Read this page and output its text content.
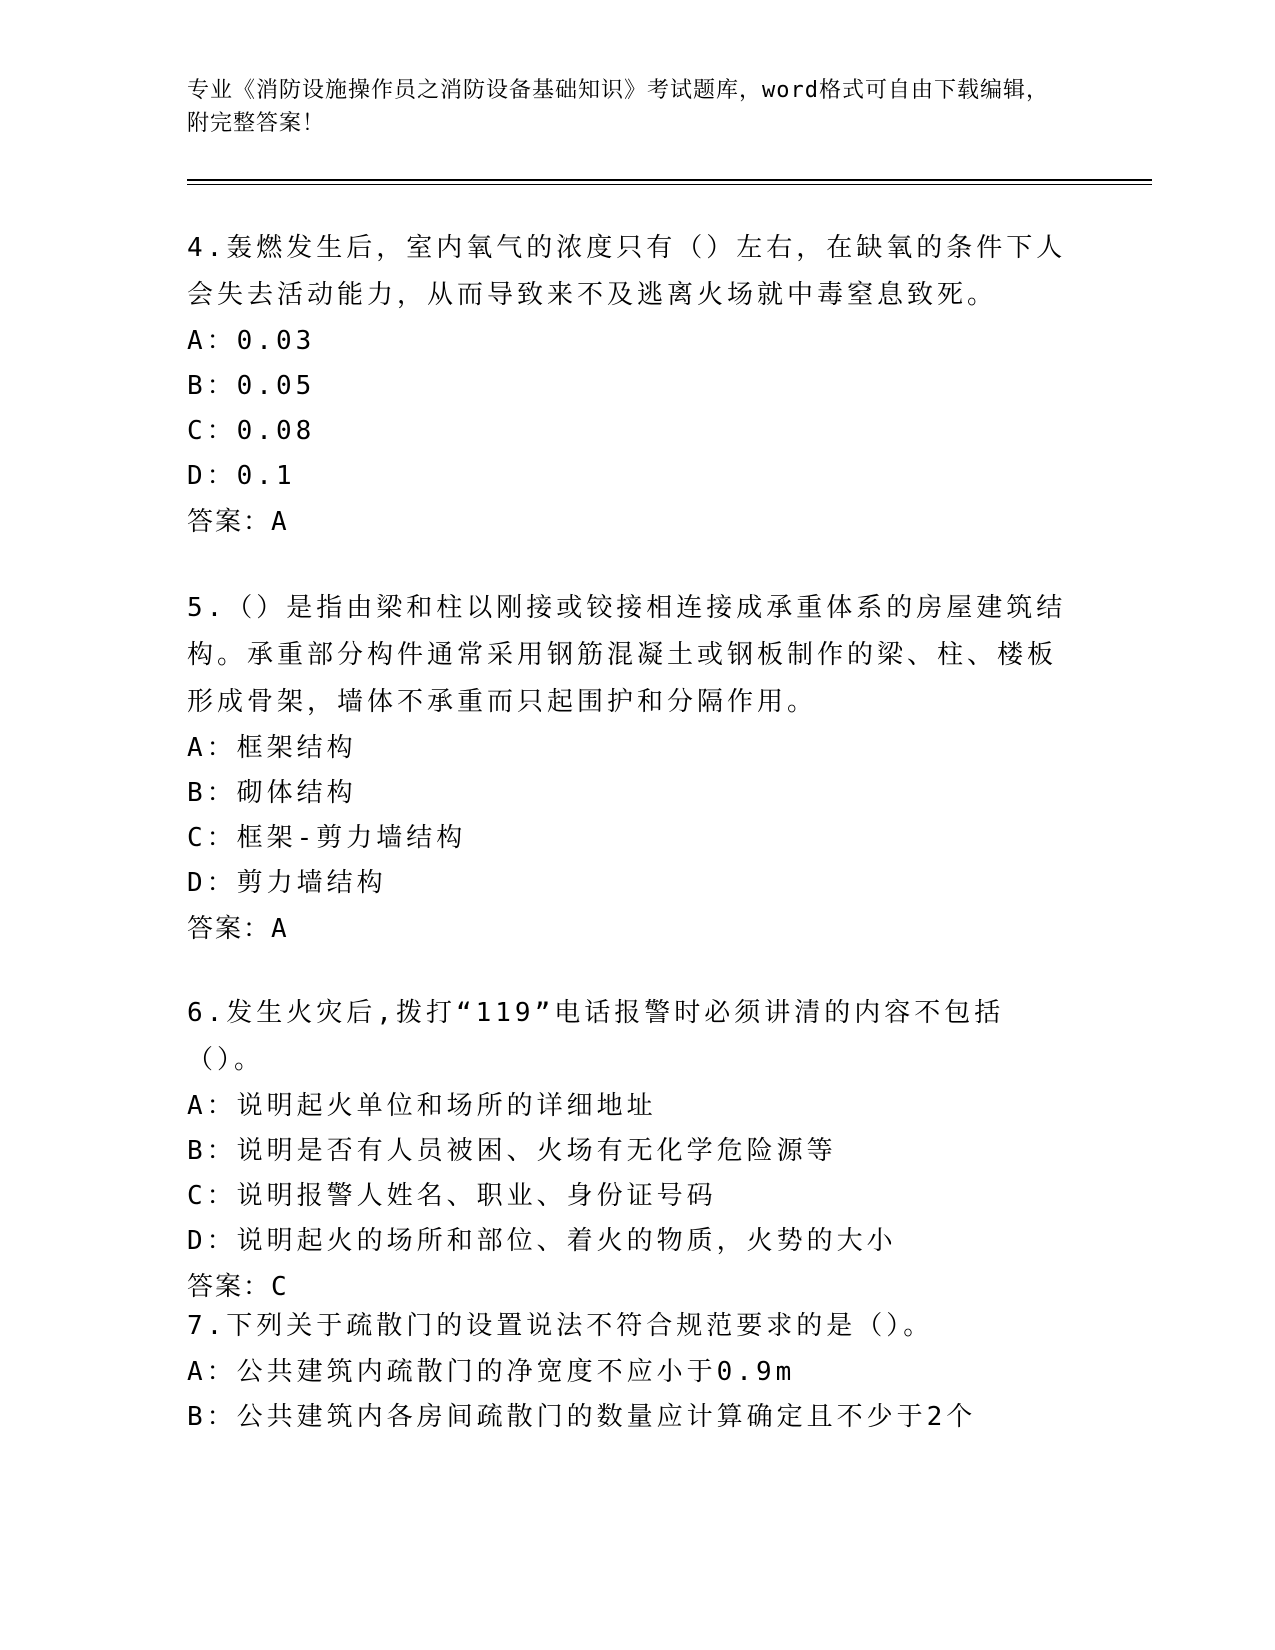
专业《消防设施操作员之消防设备基础知识》考试题库，word格式可自由下载编辑，附完整答案！
4.轰燃发生后，室内氧气的浓度只有（）左右，在缺氧的条件下人会失去活动能力，从而导致来不及逃离火场就中毒窒息致死。
A：0.03
B：0.05
C：0.08
D：0.1
答案：A
5.（）是指由梁和柱以刚接或铰接相连接成承重体系的房屋建筑结构。承重部分构件通常采用钢筋混凝土或钢板制作的梁、柱、楼板形成骨架，墙体不承重而只起围护和分隔作用。
A：框架结构
B：砌体结构
C：框架-剪力墙结构
D：剪力墙结构
答案：A
6.发生火灾后,拨打“119”电话报警时必须讲清的内容不包括（）。
A：说明起火单位和场所的详细地址
B：说明是否有人员被困、火场有无化学危险源等
C：说明报警人姓名、职业、身份证号码
D：说明起火的场所和部位、着火的物质，火势的大小
答案：C
7.下列关于疏散门的设置说法不符合规范要求的是（）。
A：公共建筑内疏散门的净宽度不应小于0.9m
B：公共建筑内各房间疏散门的数量应计算确定且不少于2个
